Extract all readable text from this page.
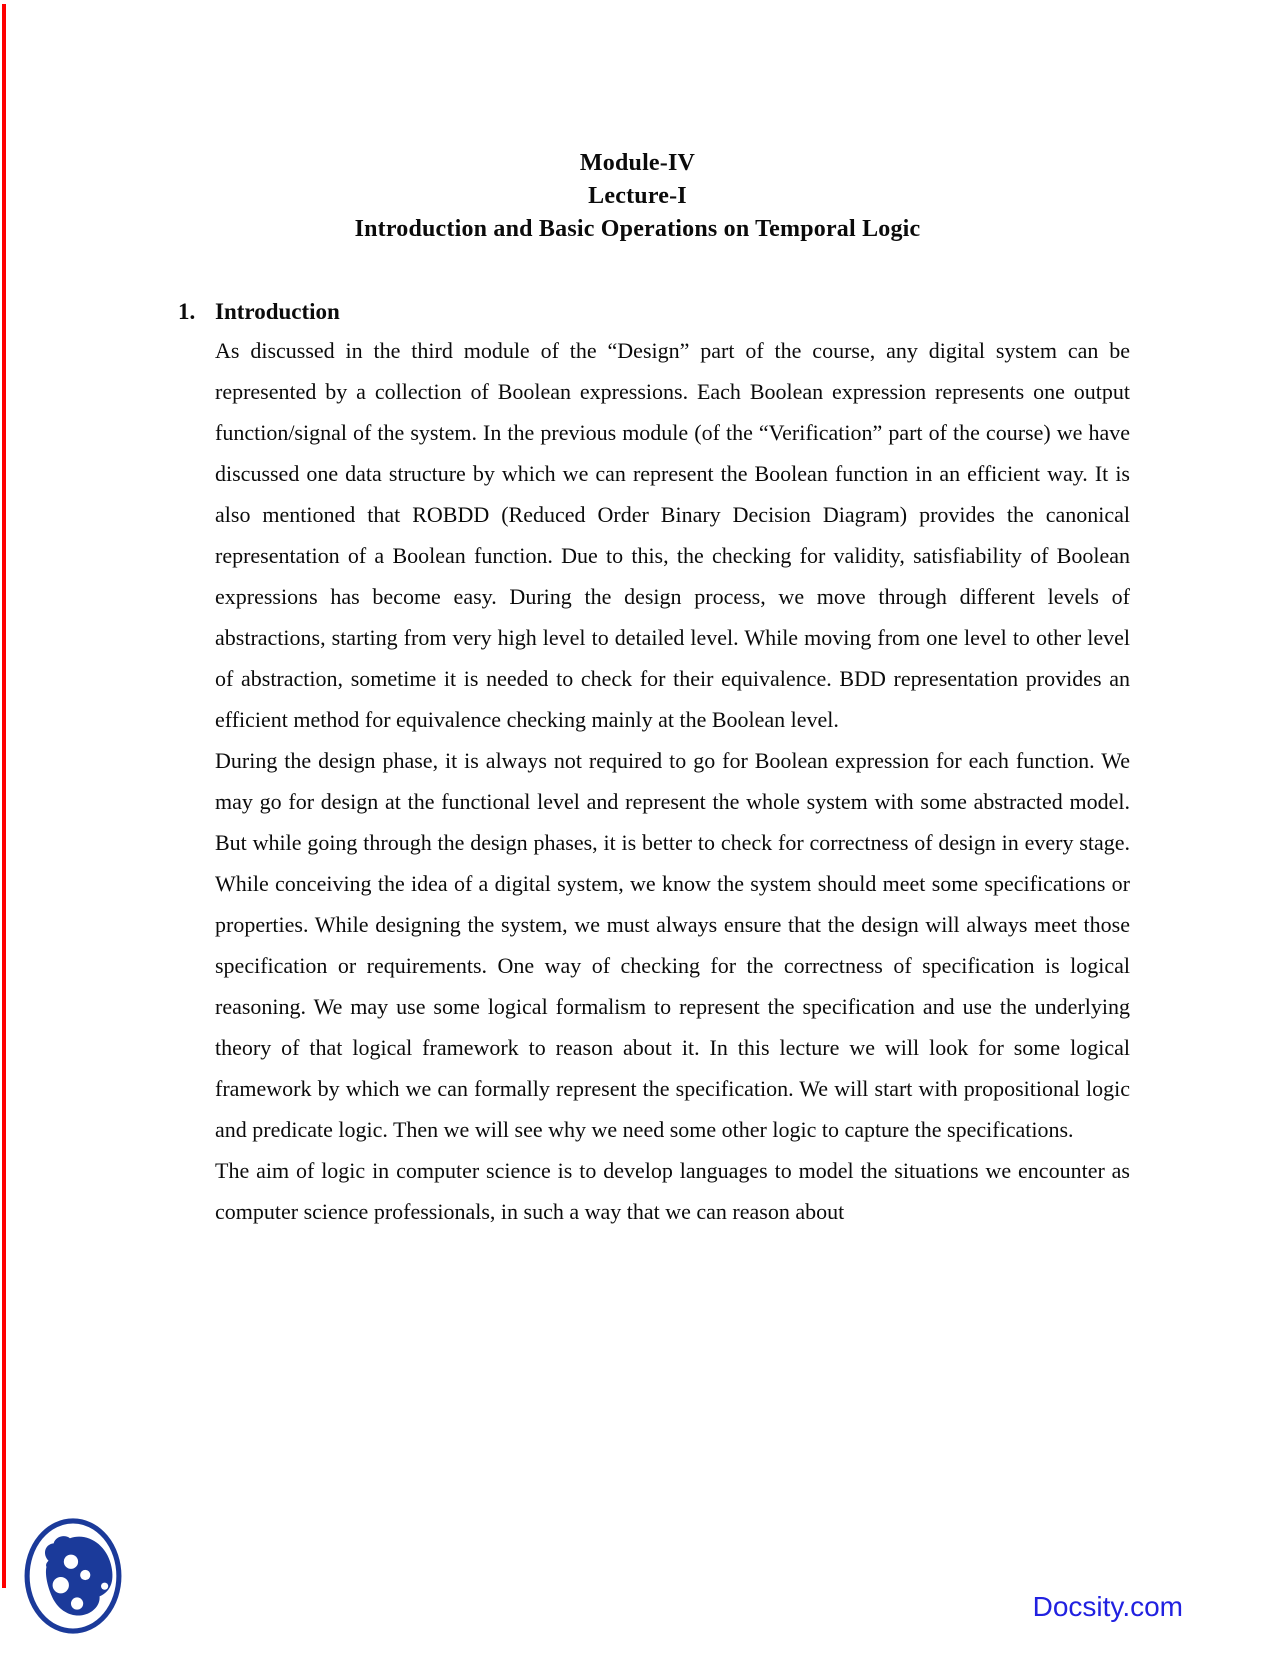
Module-IV
Lecture-I
Introduction and Basic Operations on Temporal Logic
1. Introduction

As discussed in the third module of the “Design” part of the course, any digital system can be represented by a collection of Boolean expressions. Each Boolean expression represents one output function/signal of the system. In the previous module (of the “Verification” part of the course) we have discussed one data structure by which we can represent the Boolean function in an efficient way. It is also mentioned that ROBDD (Reduced Order Binary Decision Diagram) provides the canonical representation of a Boolean function. Due to this, the checking for validity, satisfiability of Boolean expressions has become easy. During the design process, we move through different levels of abstractions, starting from very high level to detailed level. While moving from one level to other level of abstraction, sometime it is needed to check for their equivalence. BDD representation provides an efficient method for equivalence checking mainly at the Boolean level.

During the design phase, it is always not required to go for Boolean expression for each function. We may go for design at the functional level and represent the whole system with some abstracted model. But while going through the design phases, it is better to check for correctness of design in every stage. While conceiving the idea of a digital system, we know the system should meet some specifications or properties. While designing the system, we must always ensure that the design will always meet those specification or requirements. One way of checking for the correctness of specification is logical reasoning. We may use some logical formalism to represent the specification and use the underlying theory of that logical framework to reason about it. In this lecture we will look for some logical framework by which we can formally represent the specification. We will start with propositional logic and predicate logic. Then we will see why we need some other logic to capture the specifications.

The aim of logic in computer science is to develop languages to model the situations we encounter as computer science professionals, in such a way that we can reason about

Docsity.com
